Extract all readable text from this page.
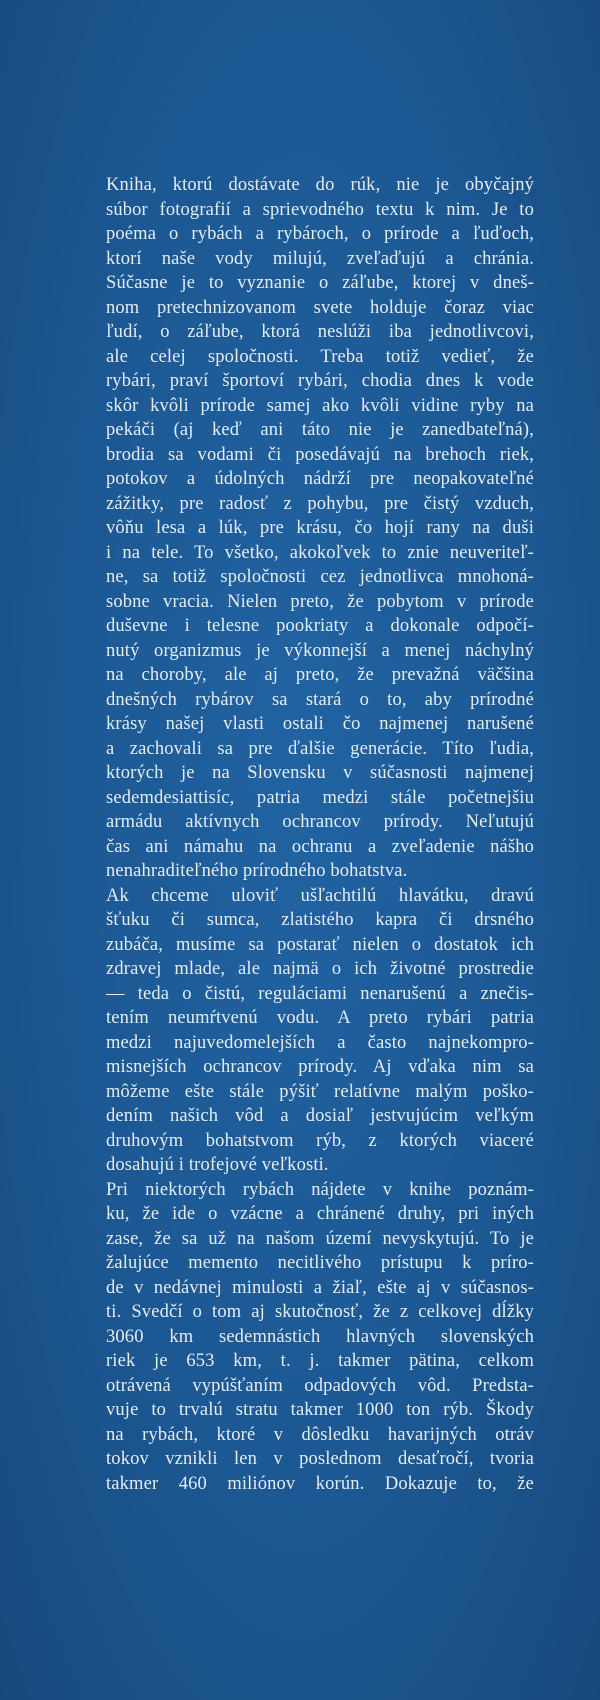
Kniha, ktorú dostávate do rúk, nie je obyčajný
súbor fotografií a sprievodného textu k nim. Je to
poéma o rybách a rybároch, o prírode a ľuďoch,
ktorí naše vody milujú, zveľaďujú a chránia.
Súčasne je to vyznanie o záľube, ktorej v dneš-
nom pretechnizovanom svete holduje čoraz viac
ľudí, o záľube, ktorá neslúži iba jednotlivcovi,
ale celej spoločnosti. Treba totiž vedieť, že
rybári, praví športoví rybári, chodia dnes k vode
skôr kvôli prírode samej ako kvôli vidine ryby na
pekáči (aj keď ani táto nie je zanedbateľná),
brodia sa vodami či posedávajú na brehoch riek,
potokov a údolných nádrží pre neopakovateľné
zážitky, pre radosť z pohybu, pre čistý vzduch,
vôňu lesa a lúk, pre krásu, čo hojí rany na duši
i na tele. To všetko, akokoľvek to znie neuveriteľ-
ne, sa totiž spoločnosti cez jednotlivca mnohoná-
sobne vracia. Nielen preto, že pobytom v prírode
duševne i telesne pookriaty a dokonale odpočí-
nutý organizmus je výkonnejší a menej náchylný
na choroby, ale aj preto, že prevažná väčšina
dnešných rybárov sa stará o to, aby prírodné
krásy našej vlasti ostali čo najmenej narušené
a zachovali sa pre ďalšie generácie. Títo ľudia,
ktorých je na Slovensku v súčasnosti najmenej
sedemdesiattisíc, patria medzi stále početnejšiu
armádu aktívnych ochrancov prírody. Neľutujú
čas ani námahu na ochranu a zveľadenie nášho
nenahraditeľného prírodného bohatstva.
Ak chceme uloviť ušľachtilú hlavátku, dravú
šťuku či sumca, zlatistého kapra či drsného
zubáča, musíme sa postarať nielen o dostatok ich
zdravej mlade, ale najmä o ich životné prostredie
— teda o čistú, reguláciami nenarušenú a znečis-
tením neumŕtvenú vodu. A preto rybári patria
medzi najuvedomelejších a často najnekompro-
misnejších ochrancov prírody. Aj vďaka nim sa
môžeme ešte stále pýšiť relatívne malým poško-
dením našich vôd a dosiaľ jestvujúcim veľkým
druhovým bohatstvom rýb, z ktorých viaceré
dosahujú i trofejové veľkosti.
Pri niektorých rybách nájdete v knihe poznám-
ku, že ide o vzácne a chránené druhy, pri iných
zase, že sa už na našom území nevyskytujú. To je
žalujúce memento necitlivého prístupu k príro-
de v nedávnej minulosti a žiaľ, ešte aj v súčasnos-
ti. Svedčí o tom aj skutočnosť, že z celkovej dĺžky
3060 km sedemnástich hlavných slovenských
riek je 653 km, t. j. takmer pätina, celkom
otrávená vypúšťaním odpadových vôd. Predsta-
vuje to trvalú stratu takmer 1000 ton rýb. Škody
na rybách, ktoré v dôsledku havarijných otráv
tokov vznikli len v poslednom desaťročí, tvoria
takmer 460 miliónov korún. Dokazuje to, že
